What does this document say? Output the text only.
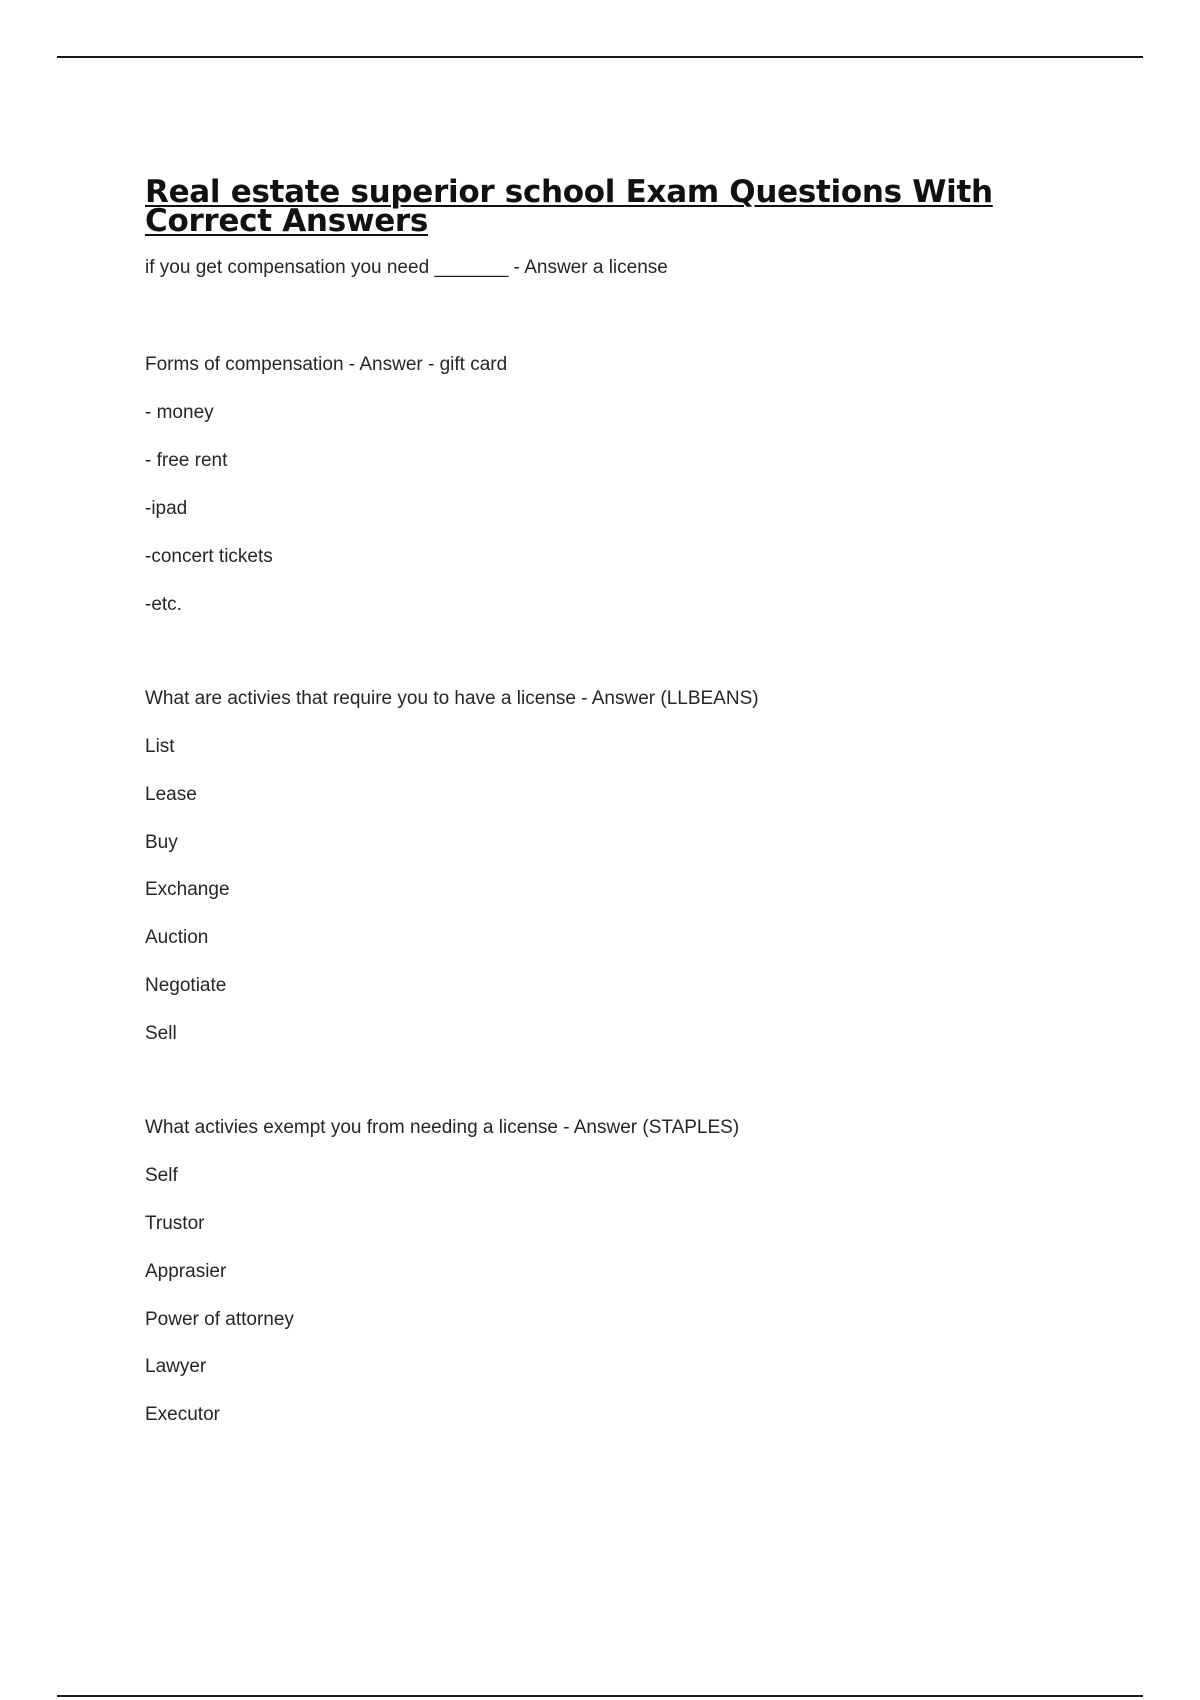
Real estate superior school Exam Questions With
Correct Answers

if you get compensation you need _______ - Answer a license

Forms of compensation - Answer - gift card

- money

- free rent

-ipad

-concert tickets

-etc.

What are activies that require you to have a license - Answer (LLBEANS)

List

Lease

Buy

Exchange

Auction

Negotiate

Sell

What activies exempt you from needing a license - Answer (STAPLES)

Self

Trustor

Apprasier

Power of attorney

Lawyer

Executor
